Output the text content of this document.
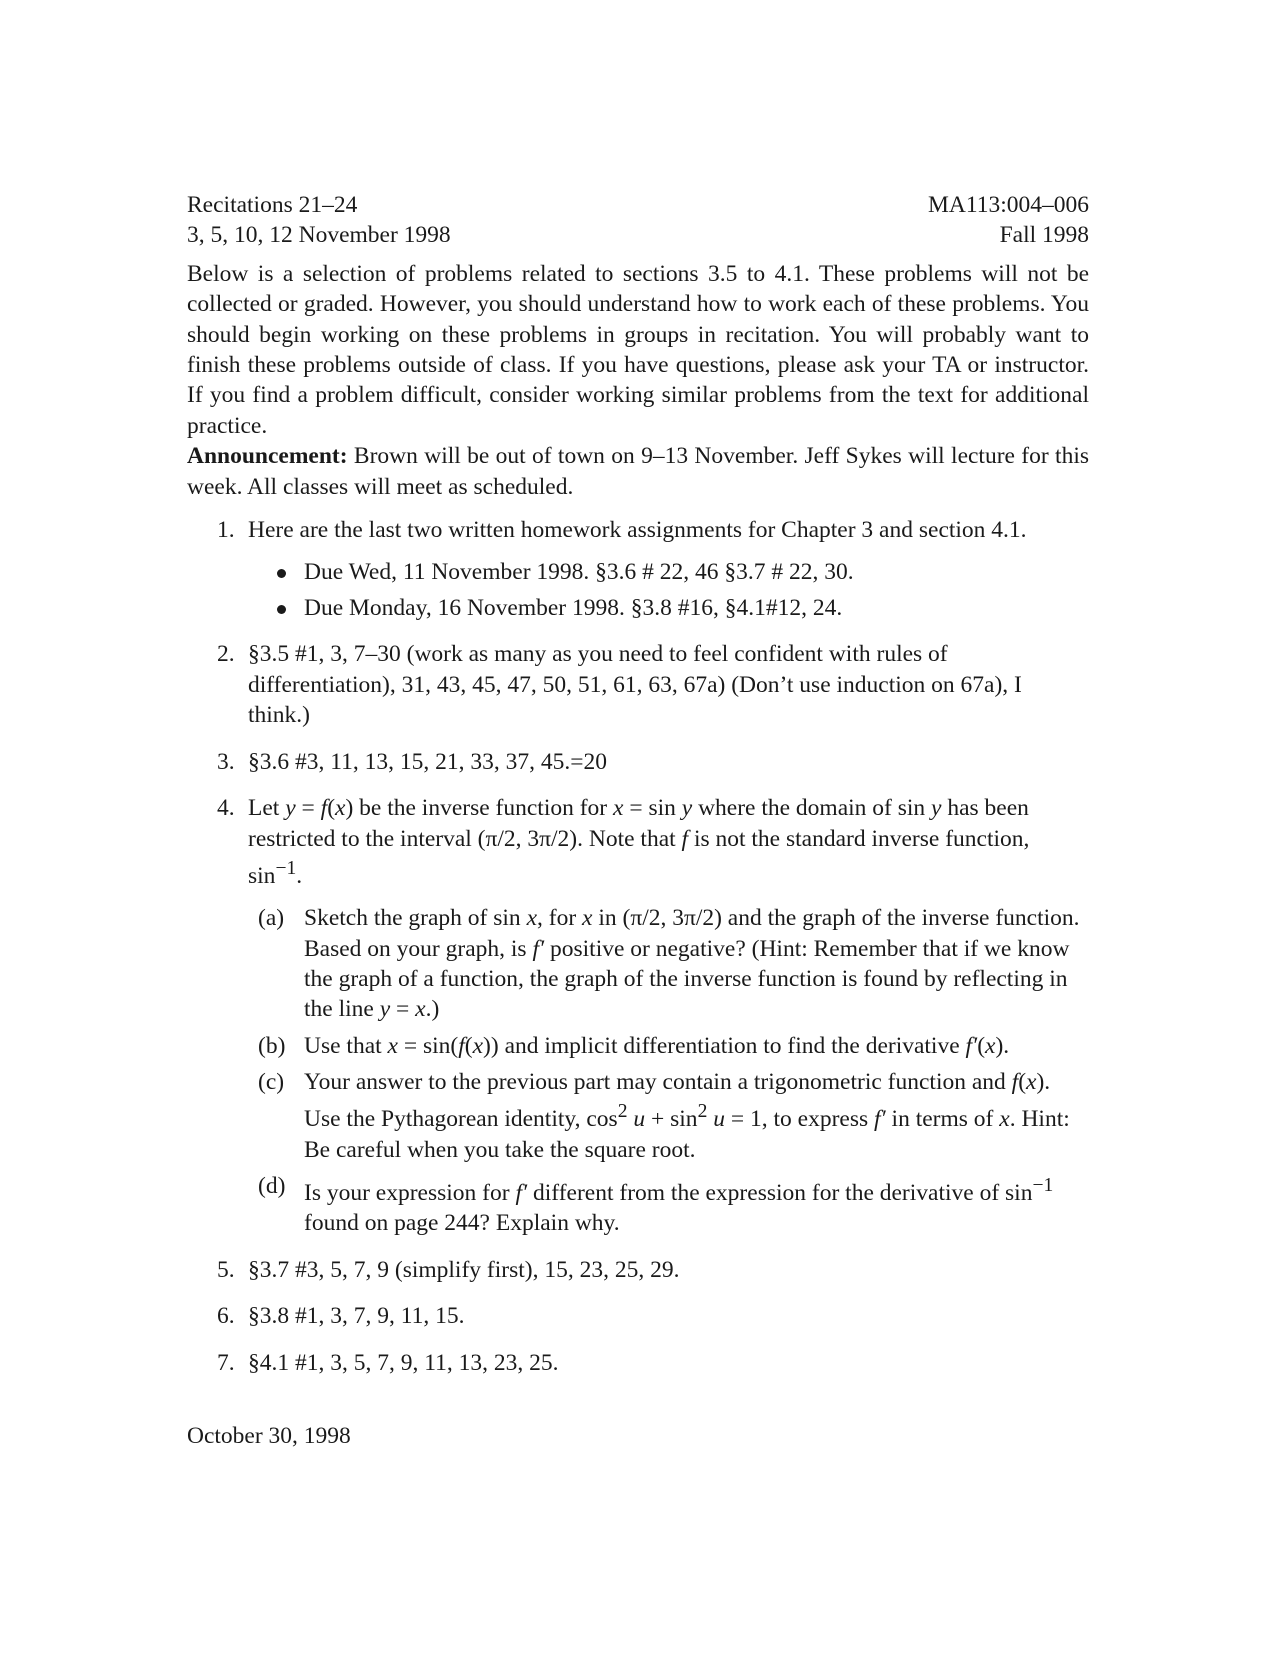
Recitations 21–24	MA113:004–006
3, 5, 10, 12 November 1998	Fall 1998

Below is a selection of problems related to sections 3.5 to 4.1. These problems will not be collected or graded. However, you should understand how to work each of these problems. You should begin working on these problems in groups in recitation. You will probably want to finish these problems outside of class. If you have questions, please ask your TA or instructor. If you find a problem difficult, consider working similar problems from the text for additional practice.

Announcement: Brown will be out of town on 9–13 November. Jeff Sykes will lecture for this week. All classes will meet as scheduled.

1. Here are the last two written homework assignments for Chapter 3 and section 4.1.
Due Wed, 11 November 1998. §3.6 # 22, 46 §3.7 # 22, 30.
Due Monday, 16 November 1998. §3.8 #16, §4.1#12, 24.
2. §3.5 #1, 3, 7–30 (work as many as you need to feel confident with rules of differentiation), 31, 43, 45, 47, 50, 51, 61, 63, 67a) (Don’t use induction on 67a), I think.)
3. §3.6 #3, 11, 13, 15, 21, 33, 37, 45.=20
4. Let y = f(x) be the inverse function for x = sin y where the domain of sin y has been restricted to the interval (π/2, 3π/2). Note that f is not the standard inverse function, $\sin^{-1}$.
(a) Sketch the graph of sin x, for x in (π/2, 3π/2) and the graph of the inverse function. Based on your graph, is f′ positive or negative? (Hint: Remember that if we know the graph of a function, the graph of the inverse function is found by reflecting in the line y = x.)
(b) Use that x = sin(f(x)) and implicit differentiation to find the derivative f′(x).
(c) Your answer to the previous part may contain a trigonometric function and f(x). Use the Pythagorean identity, $\cos^2 u + \sin^2 u = 1$, to express f′ in terms of x. Hint: Be careful when you take the square root.
(d) Is your expression for f′ different from the expression for the derivative of $\sin^{-1}$ found on page 244? Explain why.
5. §3.7 #3, 5, 7, 9 (simplify first), 15, 23, 25, 29.
6. §3.8 #1, 3, 7, 9, 11, 15.
7. §4.1 #1, 3, 5, 7, 9, 11, 13, 23, 25.
October 30, 1998
